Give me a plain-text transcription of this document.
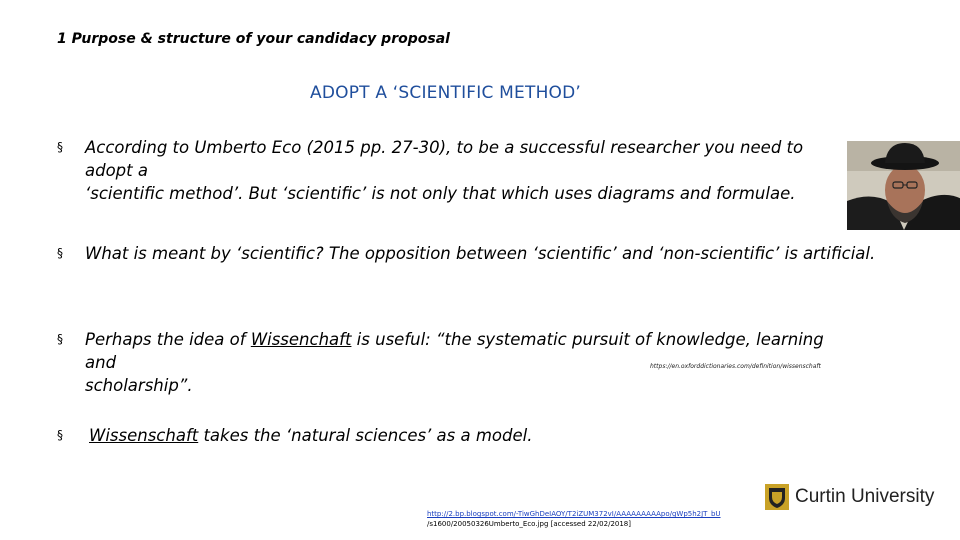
1 Purpose & structure of your candidacy proposal
ADOPT A ‘SCIENTIFIC METHOD’
§ According to Umberto Eco (2015 pp. 27-30), to be a successful researcher you need to adopt a
‘scientific method’. But ‘scientific’ is not only that which uses diagrams and formulae.
§ What is meant by ‘scientific? The opposition between ‘scientific’ and ‘non-scientific’ is artificial.
§ Perhaps the idea of Wissenchaft is useful: “the systematic pursuit of knowledge, learning and
scholarship”.
https://en.oxforddictionaries.com/definition/wissenschaft
§ Wissenschaft takes the ‘natural sciences’ as a model.
http://2.bp.blogspot.com/-TiwGhDeIAOY/T2iZUM372vI/AAAAAAAAApo/gWp5h2JT_bU
/s1600/20050326Umberto_Eco.jpg [accessed 22/02/2018]
Curtin University
